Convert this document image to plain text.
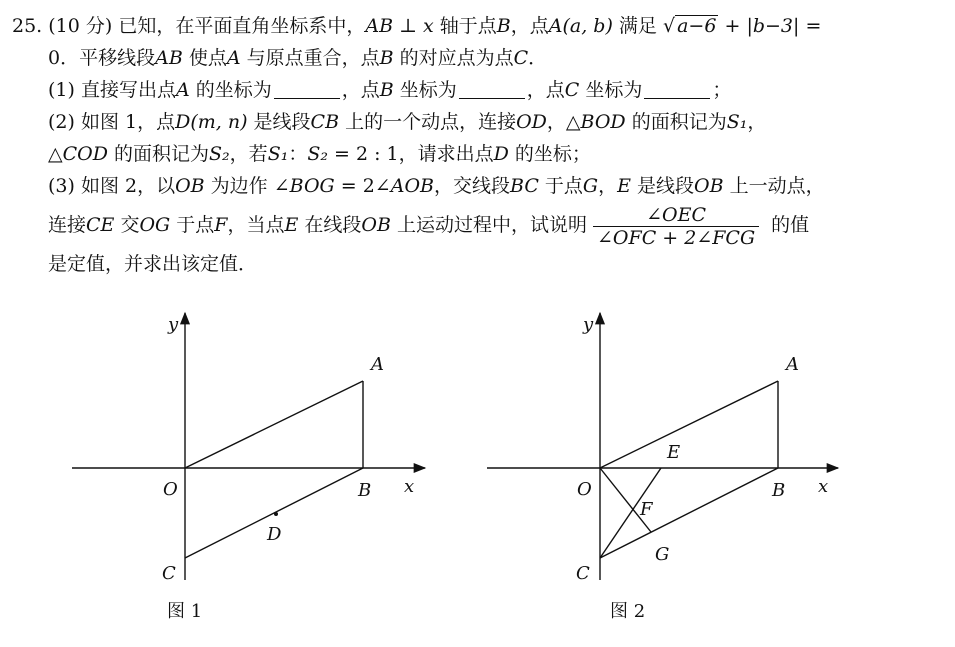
25. (10 分) 已知，在平面直角坐标系中，AB ⊥ x 轴于点B，点A(a, b) 满足 √ a−6 + |b−3| =
0．平移线段AB 使点A 与原点重合，点B 的对应点为点C．
(1) 直接写出点A 的坐标为	，点B 坐标为	，点C 坐标为	；
(2) 如图 1，点D(m, n) 是线段CB 上的一个动点，连接OD，△BOD 的面积记为S₁，
△COD 的面积记为S₂，若S₁：S₂ = 2 : 1，请求出点D 的坐标；
(3) 如图 2，以OB 为边作 ∠BOG = 2∠AOB，交线段BC 于点G，E 是线段OB 上一动点，
连接CE 交OG 于点F，当点E 在线段OB 上运动过程中，试说明 $\frac{\text{∠OEC}}{\text{∠OFC + 2∠FCG}}$ 的值
是定值，并求出该定值．
y
x
A
O	B
C
D
图 1
y
x
A
O	B
C
E
F
G
图 2
